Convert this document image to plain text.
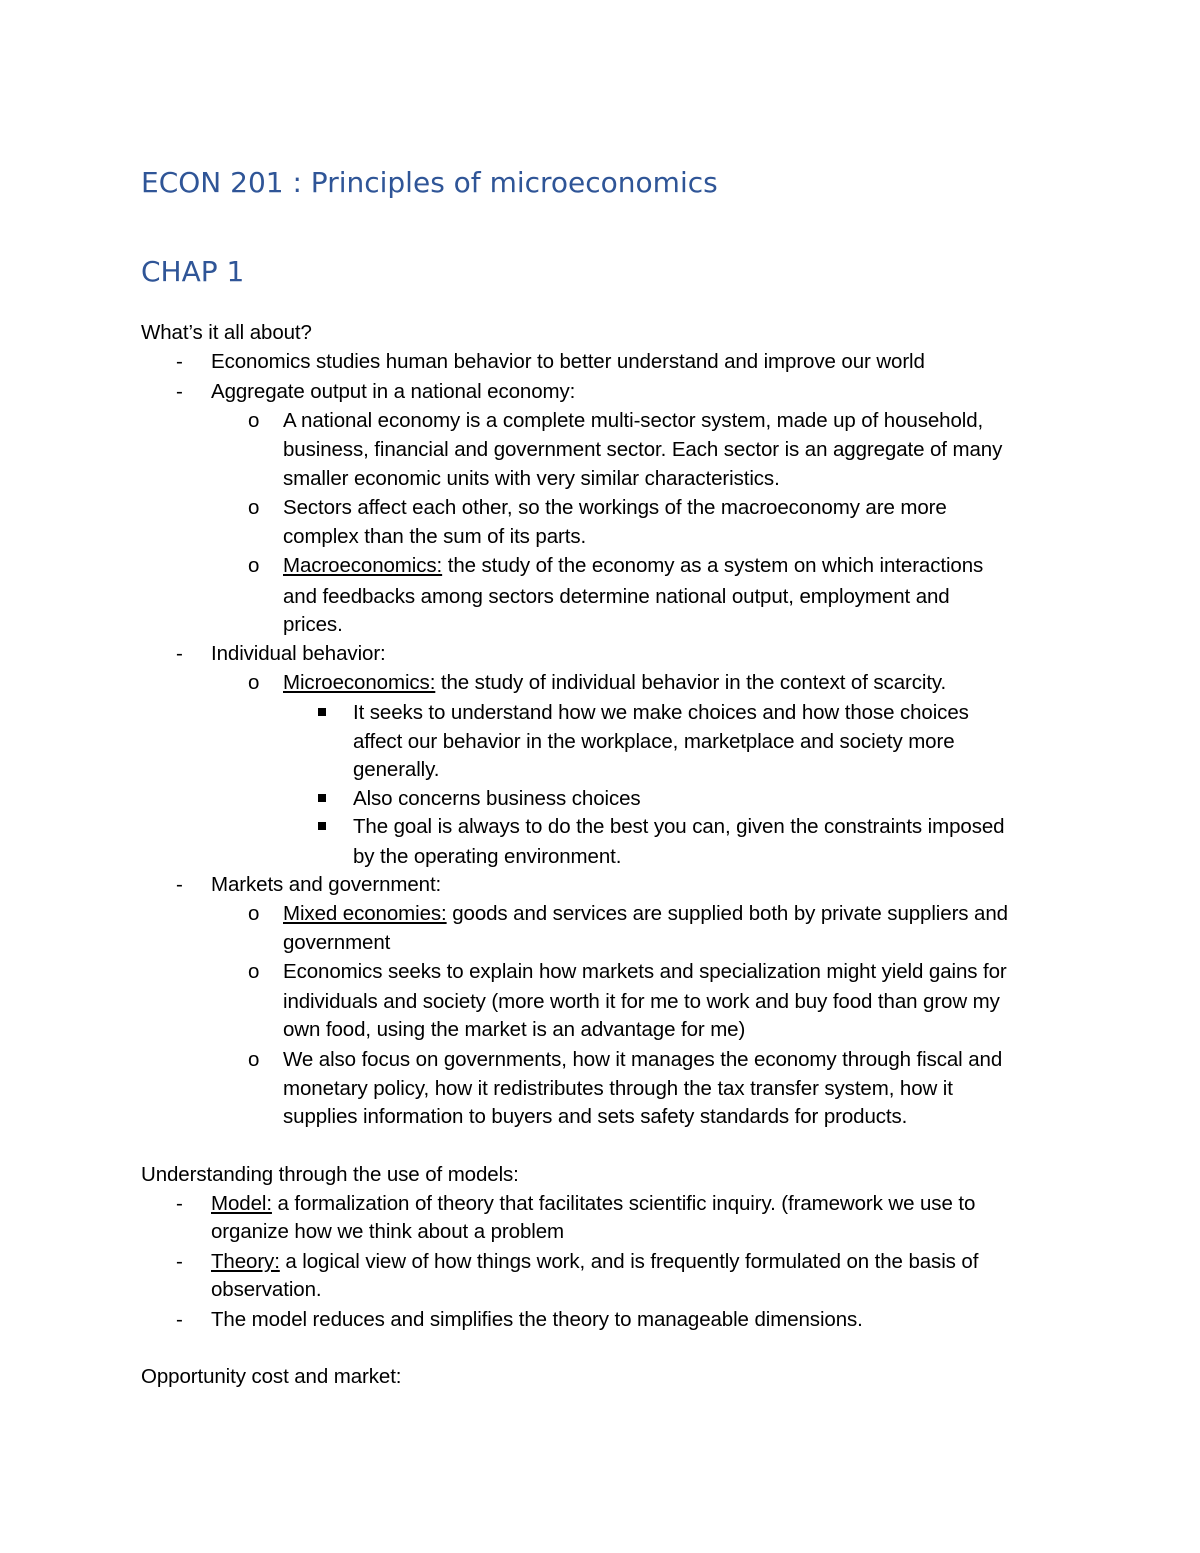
ECON 201 : Principles of microeconomics
CHAP 1

What’s it all about?

- Economics studies human behavior to better understand and improve our world

- Aggregate output in a national economy:

o A national economy is a complete multi-sector system, made up of household,

business, financial and government sector. Each sector is an aggregate of many

smaller economic units with very similar characteristics.

o Sectors affect each other, so the workings of the macroeconomy are more

complex than the sum of its parts.

o Macroeconomics: the study of the economy as a system on which interactions

and feedbacks among sectors determine national output, employment and

prices.

- Individual behavior:

o Microeconomics: the study of individual behavior in the context of scarcity.

It seeks to understand how we make choices and how those choices

affect our behavior in the workplace, marketplace and society more

generally.

Also concerns business choices

The goal is always to do the best you can, given the constraints imposed

by the operating environment.

- Markets and government:

o Mixed economies: goods and services are supplied both by private suppliers and

government

o Economics seeks to explain how markets and specialization might yield gains for

individuals and society (more worth it for me to work and buy food than grow my

own food, using the market is an advantage for me)

o We also focus on governments, how it manages the economy through fiscal and

monetary policy, how it redistributes through the tax transfer system, how it

supplies information to buyers and sets safety standards for products.

Understanding through the use of models:

- Model: a formalization of theory that facilitates scientific inquiry. (framework we use to

organize how we think about a problem

- Theory: a logical view of how things work, and is frequently formulated on the basis of

observation.

- The model reduces and simplifies the theory to manageable dimensions.

Opportunity cost and market:
